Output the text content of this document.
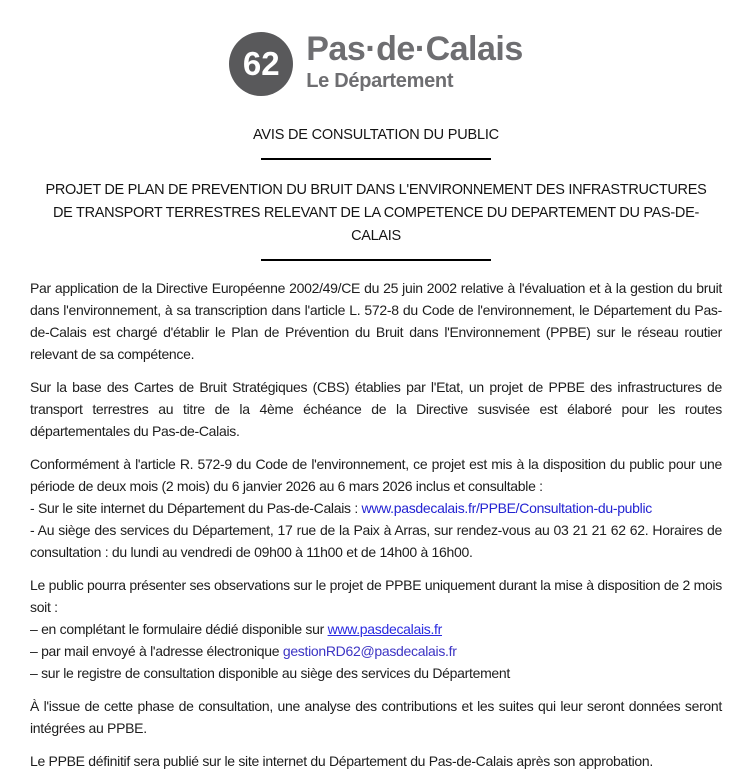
62 Pas·de·Calais
Le Département
AVIS DE CONSULTATION DU PUBLIC
PROJET DE PLAN DE PREVENTION DU BRUIT DANS L'ENVIRONNEMENT DES INFRASTRUCTURES
DE TRANSPORT TERRESTRES RELEVANT DE LA COMPETENCE DU DEPARTEMENT DU PAS-DE-CALAIS

Par application de la Directive Européenne 2002/49/CE du 25 juin 2002 relative à l'évaluation et à la gestion du bruit dans l'environnement, à sa transcription dans l'article L. 572-8 du Code de l'environnement, le Département du Pas-de-Calais est chargé d'établir le Plan de Prévention du Bruit dans l'Environnement (PPBE) sur le réseau routier relevant de sa compétence.

Sur la base des Cartes de Bruit Stratégiques (CBS) établies par l'Etat, un projet de PPBE des infrastructures de transport terrestres au titre de la 4ème échéance de la Directive susvisée est élaboré pour les routes départementales du Pas-de-Calais.

Conformément à l'article R. 572-9 du Code de l'environnement, ce projet est mis à la disposition du public pour une période de deux mois (2 mois) du 6 janvier 2026 au 6 mars 2026 inclus et consultable :

- Sur le site internet du Département du Pas-de-Calais : www.pasdecalais.fr/PPBE/Consultation-du-public

- Au siège des services du Département, 17 rue de la Paix à Arras, sur rendez-vous au 03 21 21 62 62. Horaires de consultation : du lundi au vendredi de 09h00 à 11h00 et de 14h00 à 16h00.

Le public pourra présenter ses observations sur le projet de PPBE uniquement durant la mise à disposition de 2 mois soit :

– en complétant le formulaire dédié disponible sur www.pasdecalais.fr

– par mail envoyé à l'adresse électronique gestionRD62@pasdecalais.fr

– sur le registre de consultation disponible au siège des services du Département

À l'issue de cette phase de consultation, une analyse des contributions et les suites qui leur seront données seront intégrées au PPBE.

Le PPBE définitif sera publié sur le site internet du Département du Pas-de-Calais après son approbation.
